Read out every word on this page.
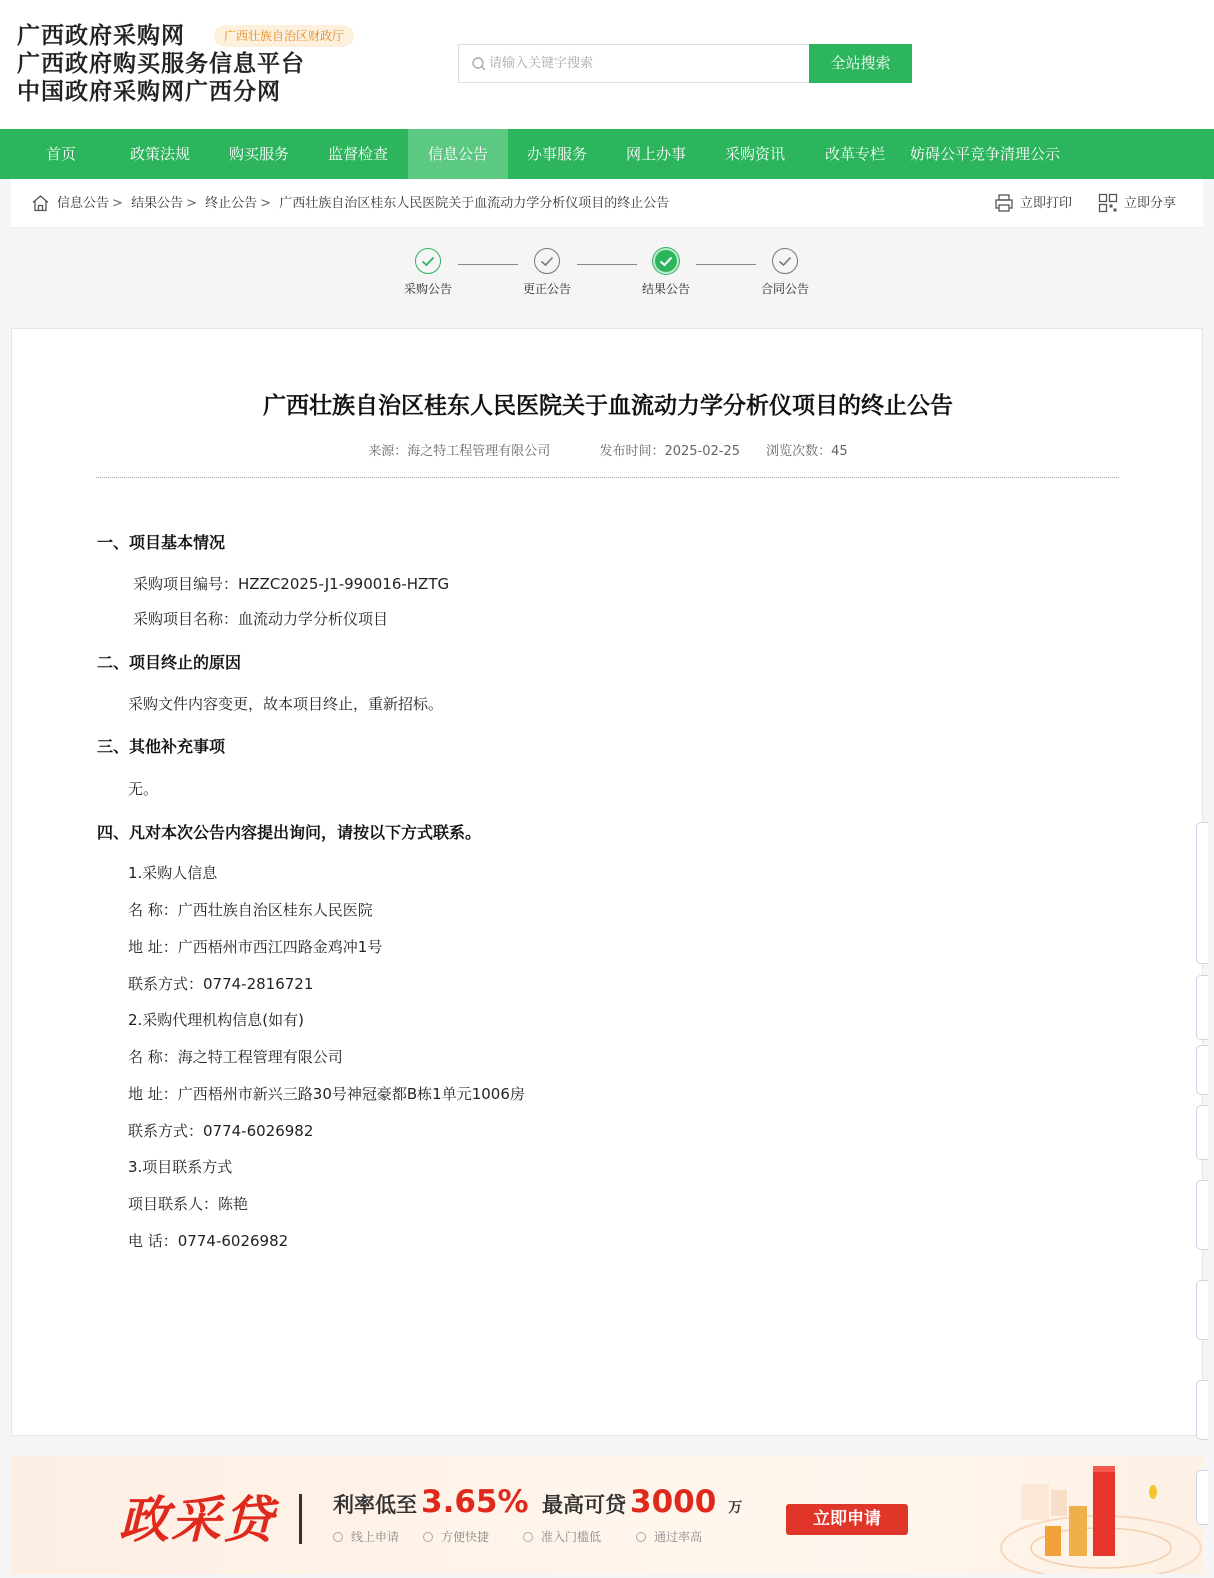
广西政府采购网
广西政府购买服务信息平台
中国政府采购网广西分网
广西壮族自治区财政厅
请输入关键字搜索
全站搜索
首页	政策法规	购买服务	监督检查	信息公告	办事服务	网上办事	采购资讯	改革专栏	妨碍公平竞争清理公示
信息公告 > 结果公告 > 终止公告 > 广西壮族自治区桂东人民医院关于血流动力学分析仪项目的终止公告	立即打印	立即分享
采购公告	更正公告	结果公告	合同公告
广西壮族自治区桂东人民医院关于血流动力学分析仪项目的终止公告
来源：海之特工程管理有限公司	发布时间：2025-02-25 浏览次数：45
一、项目基本情况
采购项目编号：HZZC2025-J1-990016-HZTG
采购项目名称：血流动力学分析仪项目
二、项目终止的原因
采购文件内容变更，故本项目终止，重新招标。
三、其他补充事项
无。
四、凡对本次公告内容提出询问，请按以下方式联系。
1.采购人信息
名 称：广西壮族自治区桂东人民医院
地 址：广西梧州市西江四路金鸡冲1号
联系方式：0774-2816721
2.采购代理机构信息(如有)
名 称：海之特工程管理有限公司
地 址：广西梧州市新兴三路30号神冠豪都B栋1单元1006房
联系方式：0774-6026982
3.项目联系方式
项目联系人：陈艳
电 话：0774-6026982
政采贷	利率低至 3.65% 最高可贷 3000 万
线上申请	方便快捷	准入门槛低	通过率高
立即申请
